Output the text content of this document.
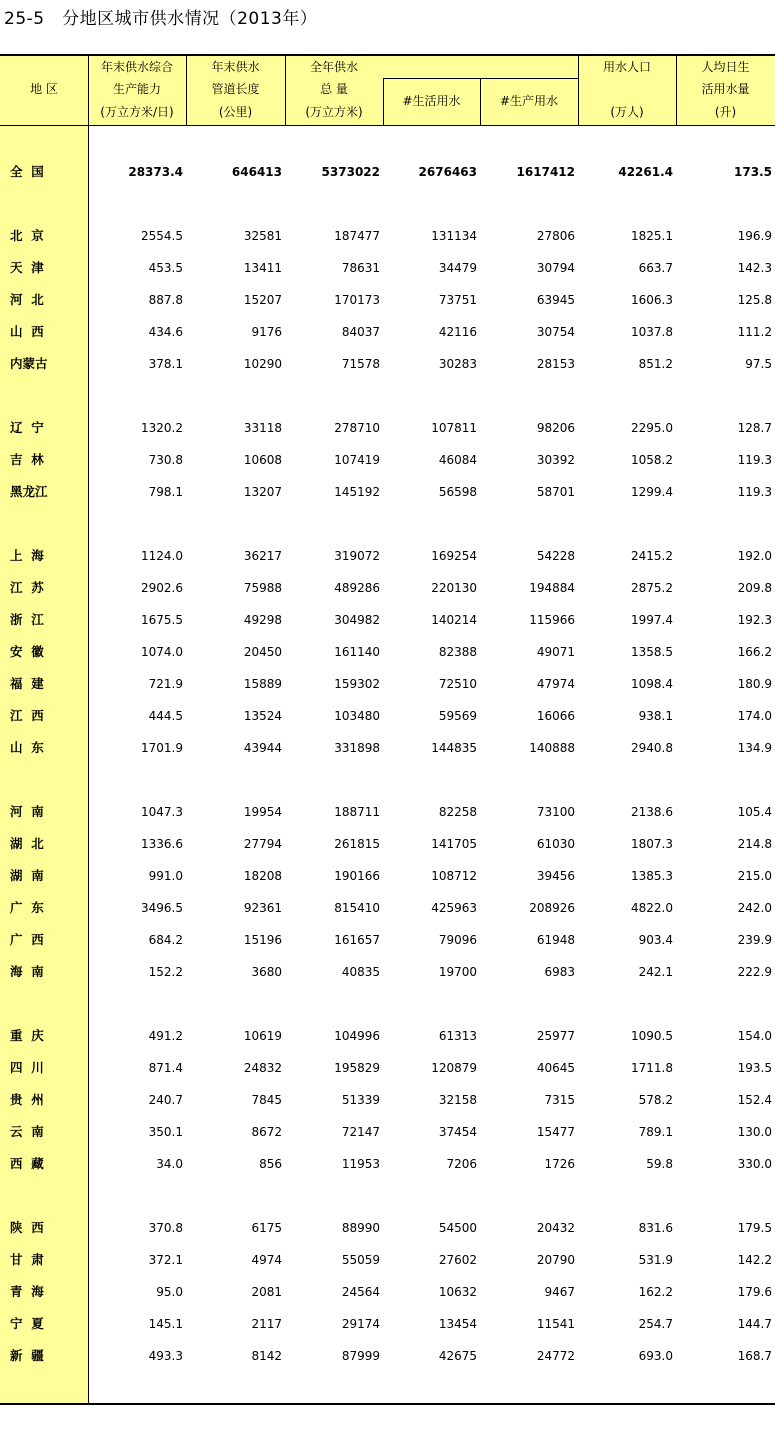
25-5　分地区城市供水情况（2013年）
地 区
年末供水综合
生产能力
(万立方米/日)
年末供水
管道长度
(公里)
全年供水
总 量
(万立方米)
#生活用水	#生产用水
用水人口
(万人)
人均日生
活用水量
(升)
全  国	28373.4	646413	5373022	2676463	1617412	42261.4	173.5
北  京	2554.5	32581	187477	131134	27806	1825.1	196.9
天  津	453.5	13411	78631	34479	30794	663.7	142.3
河  北	887.8	15207	170173	73751	63945	1606.3	125.8
山  西	434.6	9176	84037	42116	30754	1037.8	111.2
内蒙古	378.1	10290	71578	30283	28153	851.2	97.5
辽  宁	1320.2	33118	278710	107811	98206	2295.0	128.7
吉  林	730.8	10608	107419	46084	30392	1058.2	119.3
黑龙江	798.1	13207	145192	56598	58701	1299.4	119.3
上  海	1124.0	36217	319072	169254	54228	2415.2	192.0
江  苏	2902.6	75988	489286	220130	194884	2875.2	209.8
浙  江	1675.5	49298	304982	140214	115966	1997.4	192.3
安  徽	1074.0	20450	161140	82388	49071	1358.5	166.2
福  建	721.9	15889	159302	72510	47974	1098.4	180.9
江  西	444.5	13524	103480	59569	16066	938.1	174.0
山  东	1701.9	43944	331898	144835	140888	2940.8	134.9
河  南	1047.3	19954	188711	82258	73100	2138.6	105.4
湖  北	1336.6	27794	261815	141705	61030	1807.3	214.8
湖  南	991.0	18208	190166	108712	39456	1385.3	215.0
广  东	3496.5	92361	815410	425963	208926	4822.0	242.0
广  西	684.2	15196	161657	79096	61948	903.4	239.9
海  南	152.2	3680	40835	19700	6983	242.1	222.9
重  庆	491.2	10619	104996	61313	25977	1090.5	154.0
四  川	871.4	24832	195829	120879	40645	1711.8	193.5
贵  州	240.7	7845	51339	32158	7315	578.2	152.4
云  南	350.1	8672	72147	37454	15477	789.1	130.0
西  藏	34.0	856	11953	7206	1726	59.8	330.0
陕  西	370.8	6175	88990	54500	20432	831.6	179.5
甘  肃	372.1	4974	55059	27602	20790	531.9	142.2
青  海	95.0	2081	24564	10632	9467	162.2	179.6
宁  夏	145.1	2117	29174	13454	11541	254.7	144.7
新  疆	493.3	8142	87999	42675	24772	693.0	168.7
